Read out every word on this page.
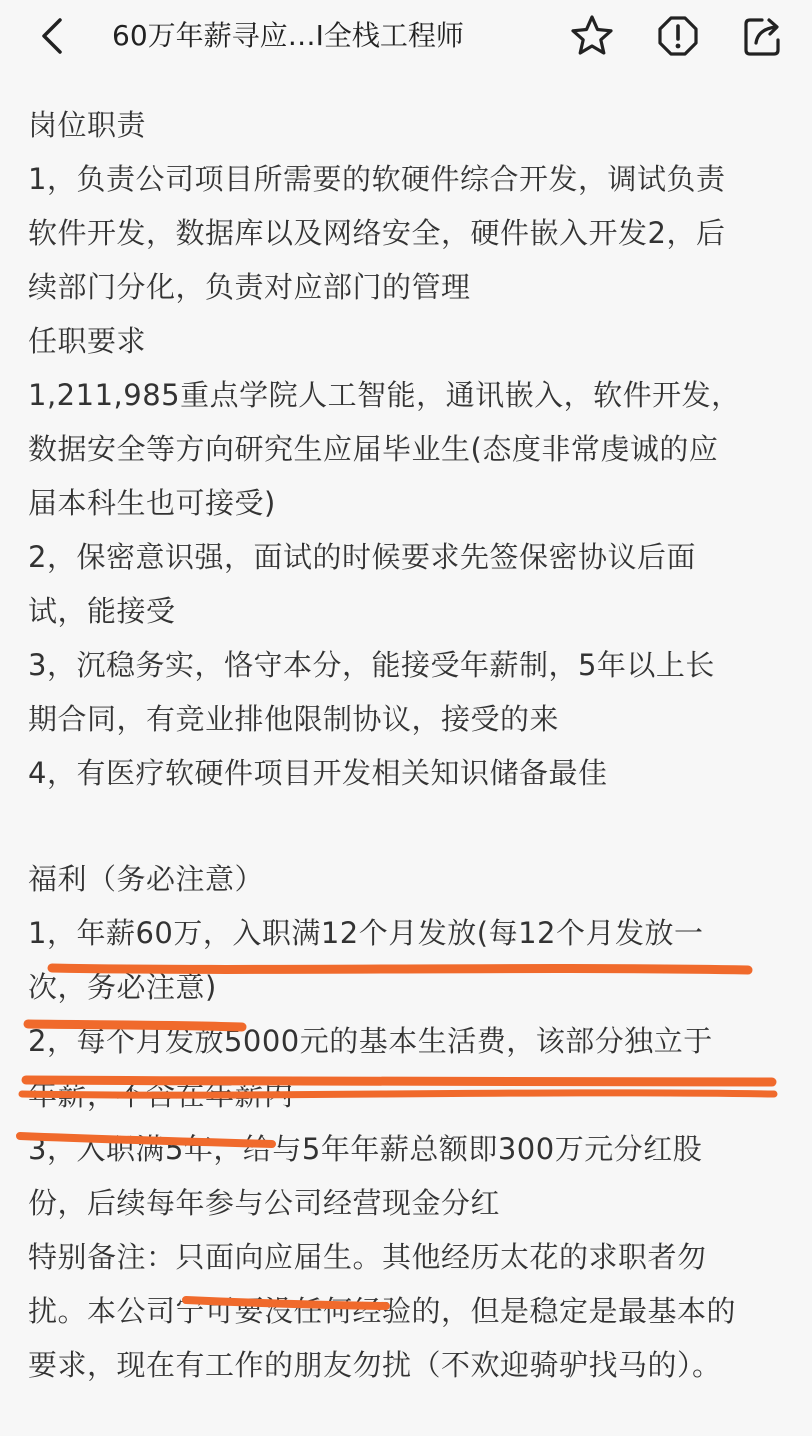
60万年薪寻应…I全栈工程师
岗位职责
1，负责公司项目所需要的软硬件综合开发，调试负责
软件开发，数据库以及网络安全，硬件嵌入开发2，后
续部门分化，负责对应部门的管理
任职要求
1,211,985重点学院人工智能，通讯嵌入，软件开发，
数据安全等方向研究生应届毕业生(态度非常虔诚的应
届本科生也可接受)
2，保密意识强，面试的时候要求先签保密协议后面
试，能接受
3，沉稳务实，恪守本分，能接受年薪制，5年以上长
期合同，有竞业排他限制协议，接受的来
4，有医疗软硬件项目开发相关知识储备最佳
福利（务必注意）
1，年薪60万，入职满12个月发放(每12个月发放一
次，务必注意)
2，每个月发放5000元的基本生活费，该部分独立于
年薪，不含在年薪内
3，入职满5年，给与5年年薪总额即300万元分红股
份，后续每年参与公司经营现金分红
特别备注：只面向应届生。其他经历太花的求职者勿
扰。本公司宁可要没任何经验的，但是稳定是最基本的
要求，现在有工作的朋友勿扰（不欢迎骑驴找马的）。
